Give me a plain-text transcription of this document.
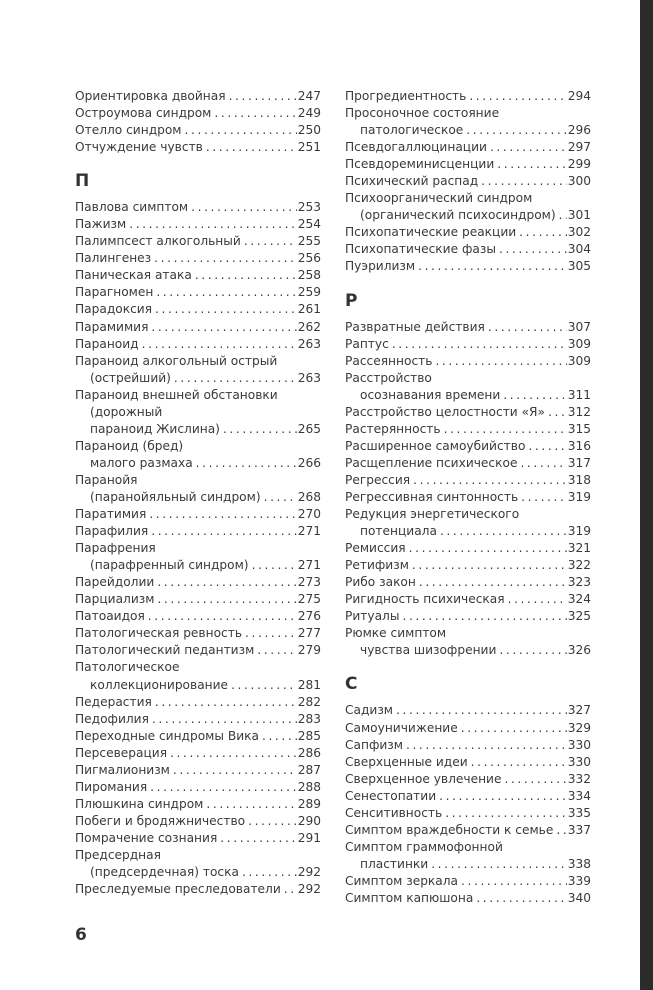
Ориентировка двойная .....	247
Остроумова синдром .....	249
Отелло синдром .....	250
Отчуждение чувств .....	251
П
Павлова симптом .....	253
Пажизм .....	254
Палимпсест алкогольный .....	255
Палингенез .....	256
Паническая атака .....	258
Парагномен .....	259
Парадоксия .....	261
Парамимия .....	262
Параноид .....	263
Параноид алкогольный острый
(острейший) .....	263
Параноид внешней обстановки
(дорожный
параноид Жислина) .....	265
Параноид (бред)
малого размаха .....	266
Паранойя
(паранойяльный синдром) .....	268
Паратимия .....	270
Парафилия .....	271
Парафрения
(парафренный синдром) .....	271
Парейдолии .....	273
Парциализм .....	275
Патоаидоя .....	276
Патологическая ревность .....	277
Патологический педантизм .....	279
Патологическое
коллекционирование .....	281
Педерастия .....	282
Педофилия .....	283
Переходные синдромы Вика .....	285
Персеверация .....	286
Пигмалионизм .....	287
Пиромания .....	288
Плюшкина синдром .....	289
Побеги и бродяжничество .....	290
Помрачение сознания .....	291
Предсердная
(предсердечная) тоска .....	292
Преследуемые преследователи ..... 292
Прогредиентность .....	294
Просоночное состояние
патологическое .....	296
Псевдогаллюцинации .....	297
Псевдореминисценции .....	299
Психический распад .....	300
Психоорганический синдром
(органический психосиндром) ..... 301
Психопатические реакции .....	302
Психопатические фазы .....	304
Пуэрилизм .....	305
Р
Развратные действия .....	307
Раптус .....	309
Рассеянность .....	309
Расстройство
осознавания времени .....	311
Расстройство целостности «Я» ..... 312
Растерянность .....	315
Расширенное самоубийство .....	316
Расщепление психическое .....	317
Регрессия .....	318
Регрессивная синтонность .....	319
Редукция энергетического
потенциала .....	319
Ремиссия .....	321
Ретифизм .....	322
Рибо закон .....	323
Ригидность психическая .....	324
Ритуалы .....	325
Рюмке симптом
чувства шизофрении .....	326
С
Садизм .....	327
Самоуничижение .....	329
Сапфизм .....	330
Сверхценные идеи .....	330
Сверхценное увлечение .....	332
Сенестопатии .....	334
Сенситивность .....	335
Симптом враждебности к семье ..... 337
Симптом граммофонной
пластинки .....	338
Симптом зеркала .....	339
Симптом капюшона .....	340
6
